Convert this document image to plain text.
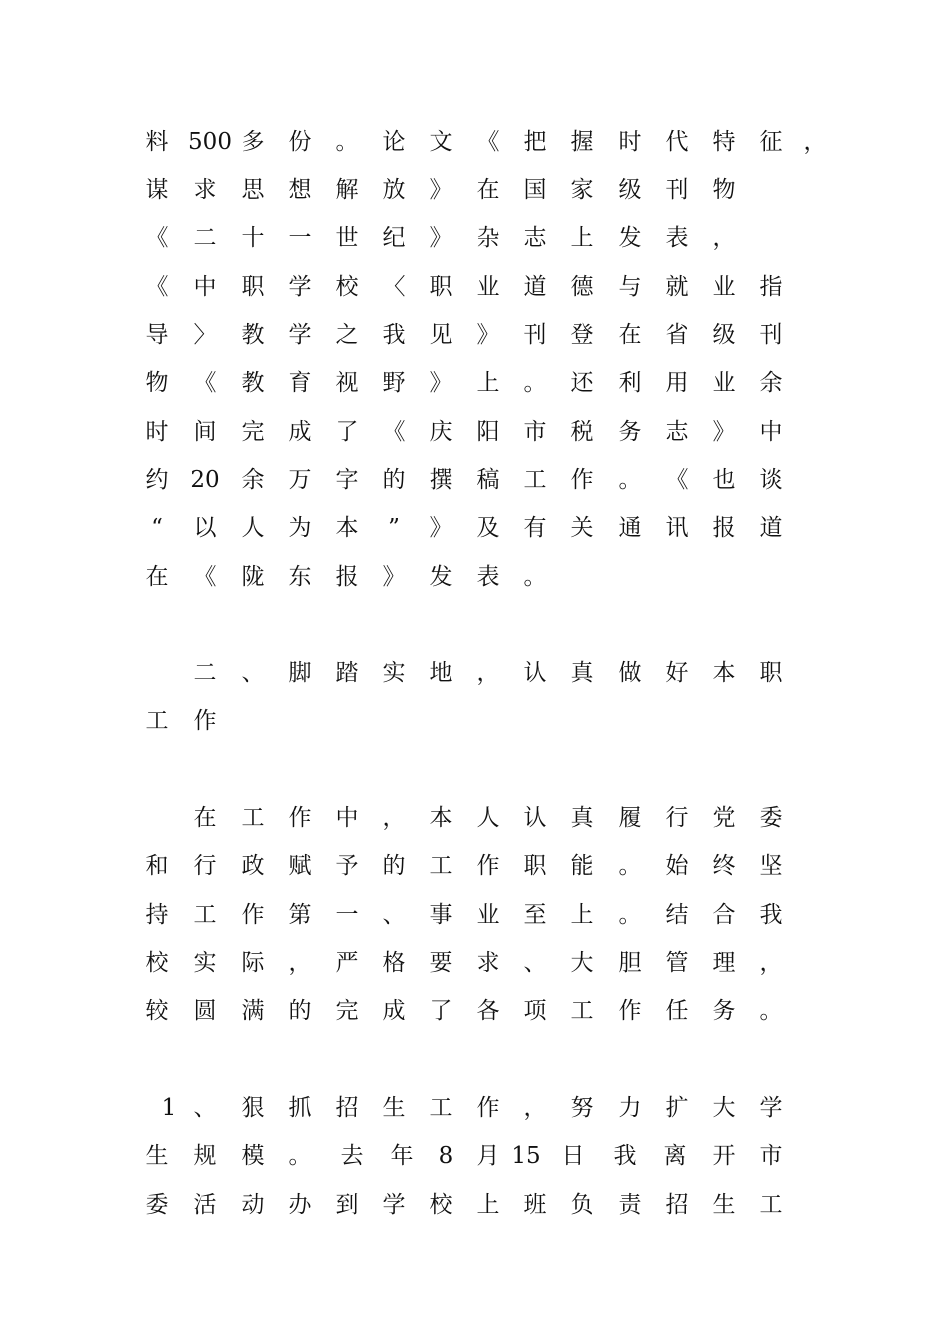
料 500 多 份 。 论 文 《 把 握 时 代 特 征 ，
谋 求 思 想 解 放 》 在 国 家 级 刊 物
《 二 十 一 世 纪 》 杂 志 上 发 表 ，
《 中 职 学 校 〈 职 业 道 德 与 就 业 指
导 〉 教 学 之 我 见 》 刊 登 在 省 级 刊
物 《 教 育 视 野 》 上 。 还 利 用 业 余
时 间 完 成 了 《 庆 阳 市 税 务 志 》 中
约 20 余 万 字 的 撰 稿 工 作 。 《 也 谈
“ 以 人 为 本 ” 》 及 有 关 通 讯 报 道
在 《 陇 东 报 》 发 表 。
二 、 脚 踏 实 地 ， 认 真 做 好 本 职
工 作
在 工 作 中 ， 本 人 认 真 履 行 党 委
和 行 政 赋 予 的 工 作 职 能 。 始 终 坚
持 工 作 第 一 、 事 业 至 上 。 结 合 我
校 实 际 ， 严 格 要 求 、 大 胆 管 理 ，
较 圆 满 的 完 成 了 各 项 工 作 任 务 。
1 、 狠 抓 招 生 工 作 ， 努 力 扩 大 学
生 规 模 。 去 年 8 月 15 日 我 离 开 市
委 活 动 办 到 学 校 上 班 负 责 招 生 工
